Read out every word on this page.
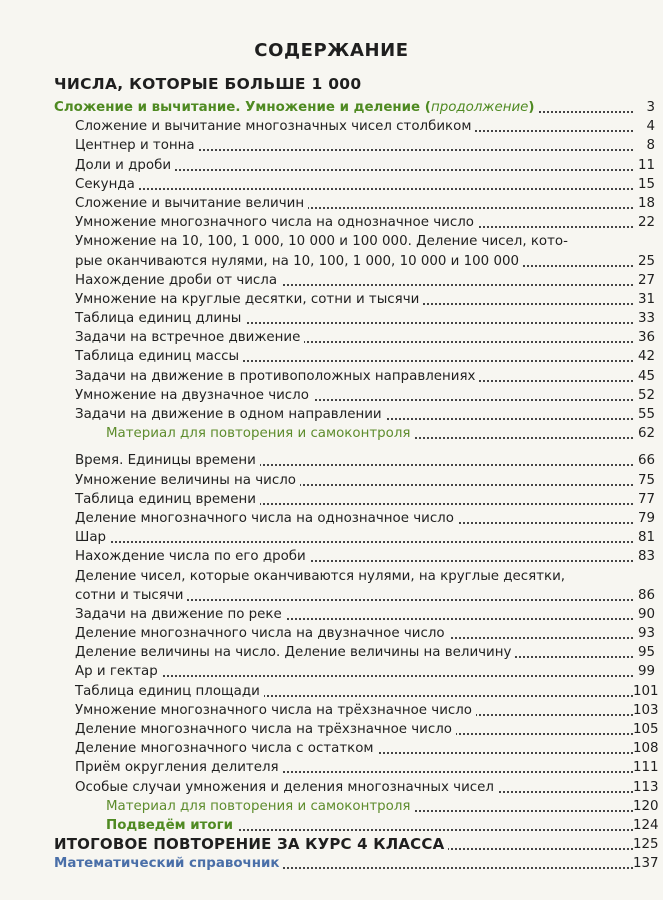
СОДЕРЖАНИЕ
ЧИСЛА, КОТОРЫЕ БОЛЬШЕ 1 000
Сложение и вычитание. Умножение и деление (продолжение)	3
Сложение и вычитание многозначных чисел столбиком	4
Центнер и тонна	8
Доли и дроби	11
Секунда	15
Сложение и вычитание величин	18
Умножение многозначного числа на однозначное число	22
Умножение на 10, 100, 1 000, 10 000 и 100 000. Деление чисел, кото-
рые оканчиваются нулями, на 10, 100, 1 000, 10 000 и 100 000	25
Нахождение дроби от числа	27
Умножение на круглые десятки, сотни и тысячи	31
Таблица единиц длины	33
Задачи на встречное движение	36
Таблица единиц массы	42
Задачи на движение в противоположных направлениях	45
Умножение на двузначное число	52
Задачи на движение в одном направлении	55
Материал для повторения и самоконтроля	62
Время. Единицы времени	66
Умножение величины на число	75
Таблица единиц времени	77
Деление многозначного числа на однозначное число	79
Шар	81
Нахождение числа по его дроби	83
Деление чисел, которые оканчиваются нулями, на круглые десятки,
сотни и тысячи	86
Задачи на движение по реке	90
Деление многозначного числа на двузначное число	93
Деление величины на число. Деление величины на величину	95
Ар и гектар	99
Таблица единиц площади	101
Умножение многозначного числа на трёхзначное число	103
Деление многозначного числа на трёхзначное число	105
Деление многозначного числа с остатком	108
Приём округления делителя	111
Особые случаи умножения и деления многозначных чисел	113
Материал для повторения и самоконтроля	120
Подведём итоги	124
ИТОГОВОЕ ПОВТОРЕНИЕ ЗА КУРС 4 КЛАССА	125
Математический справочник	137
